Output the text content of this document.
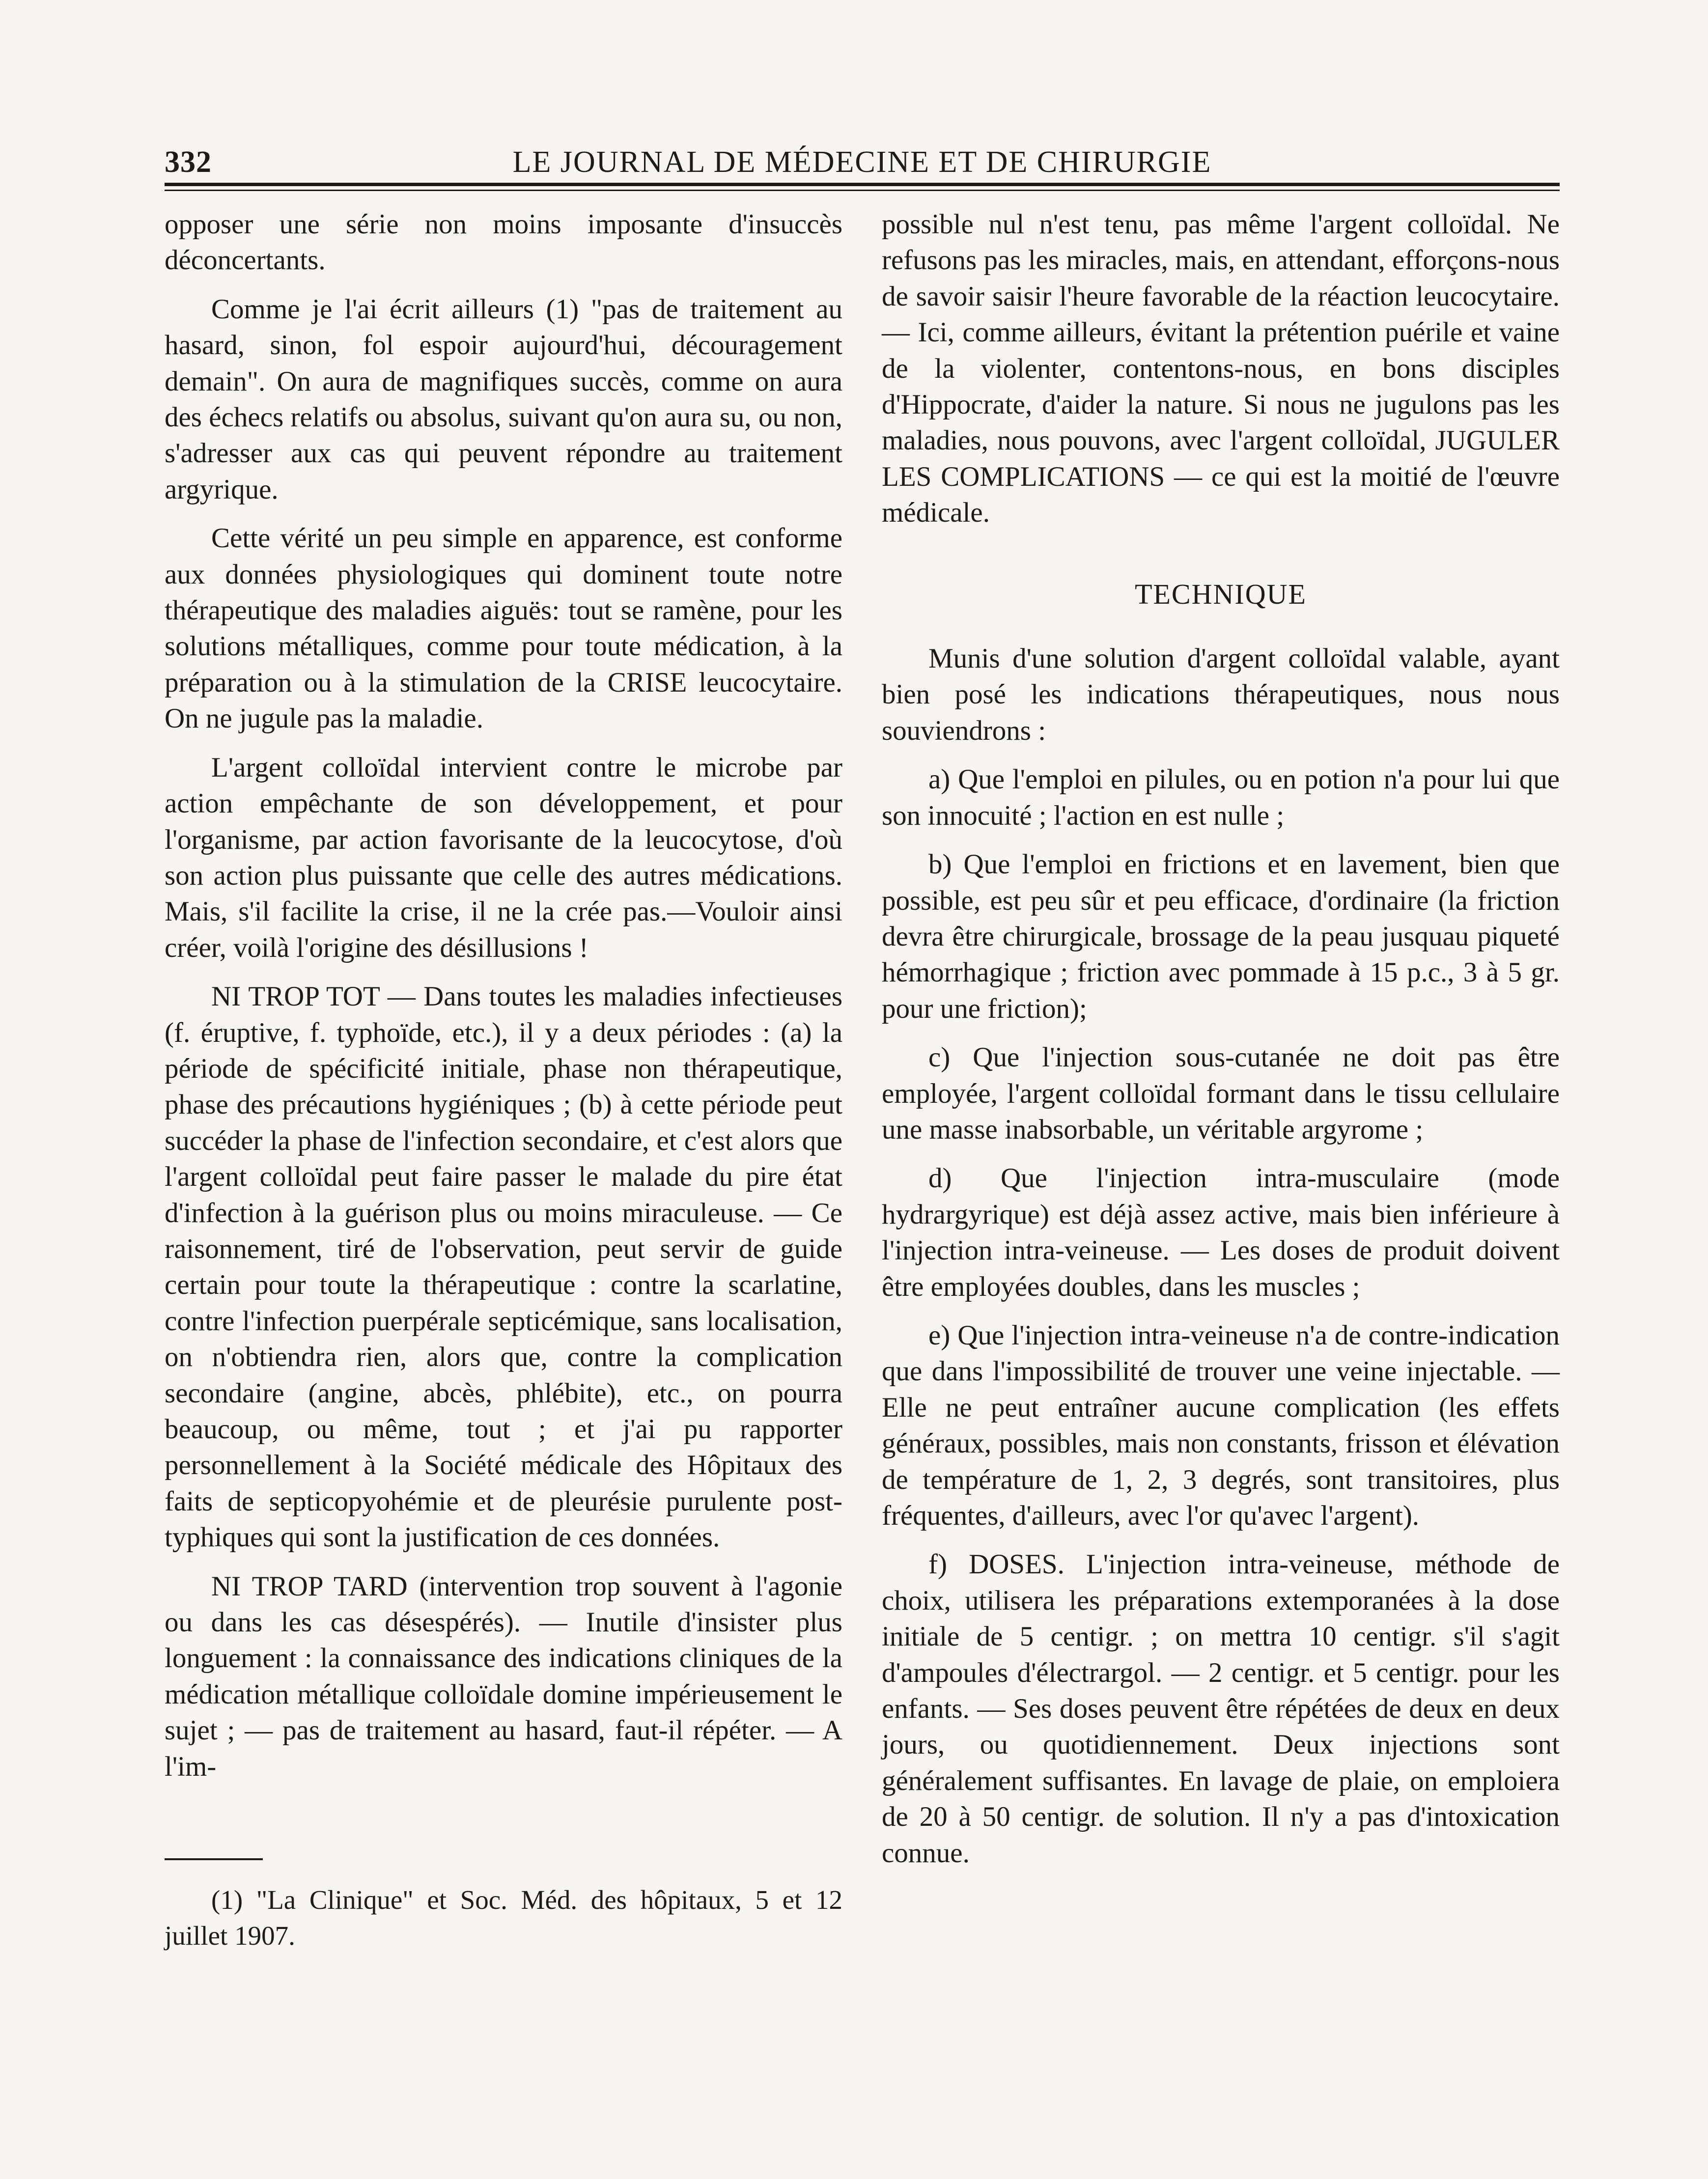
332	LE JOURNAL DE MÉDECINE ET DE CHIRURGIE

opposer une série non moins imposante d'insuccès déconcertants.

Comme je l'ai écrit ailleurs (1) "pas de traitement au hasard, sinon, fol espoir aujourd'hui, découragement demain". On aura de magnifiques succès, comme on aura des échecs relatifs ou absolus, suivant qu'on aura su, ou non, s'adresser aux cas qui peuvent répondre au traitement argyrique.

Cette vérité un peu simple en apparence, est conforme aux données physiologiques qui dominent toute notre thérapeutique des maladies aiguës: tout se ramène, pour les solutions métalliques, comme pour toute médication, à la préparation ou à la stimulation de la CRISE leucocytaire. On ne jugule pas la maladie.

L'argent colloïdal intervient contre le microbe par action empêchante de son développement, et pour l'organisme, par action favorisante de la leucocytose, d'où son action plus puissante que celle des autres médications. Mais, s'il facilite la crise, il ne la crée pas.—Vouloir ainsi créer, voilà l'origine des désillusions !

NI TROP TOT — Dans toutes les maladies infectieuses (f. éruptive, f. typhoïde, etc.), il y a deux périodes : (a) la période de spécificité initiale, phase non thérapeutique, phase des précautions hygiéniques ; (b) à cette période peut succéder la phase de l'infection secondaire, et c'est alors que l'argent colloïdal peut faire passer le malade du pire état d'infection à la guérison plus ou moins miraculeuse. — Ce raisonnement, tiré de l'observation, peut servir de guide certain pour toute la thérapeutique : contre la scarlatine, contre l'infection puerpérale septicémique, sans localisation, on n'obtiendra rien, alors que, contre la complication secondaire (angine, abcès, phlébite), etc., on pourra beaucoup, ou même, tout ; et j'ai pu rapporter personnellement à la Société médicale des Hôpitaux des faits de septicopyohémie et de pleurésie purulente post-typhiques qui sont la justification de ces données.

NI TROP TARD (intervention trop souvent à l'agonie ou dans les cas désespérés). — Inutile d'insister plus longuement : la connaissance des indications cliniques de la médication métallique colloïdale domine impérieusement le sujet ; — pas de traitement au hasard, faut-il répéter. — A l'im-

(1) "La Clinique" et Soc. Méd. des hôpitaux, 5 et 12 juillet 1907.

possible nul n'est tenu, pas même l'argent colloïdal. Ne refusons pas les miracles, mais, en attendant, efforçons-nous de savoir saisir l'heure favorable de la réaction leucocytaire. — Ici, comme ailleurs, évitant la prétention puérile et vaine de la violenter, contentons-nous, en bons disciples d'Hippocrate, d'aider la nature. Si nous ne jugulons pas les maladies, nous pouvons, avec l'argent colloïdal, JUGULER LES COMPLICATIONS — ce qui est la moitié de l'œuvre médicale.

TECHNIQUE

Munis d'une solution d'argent colloïdal valable, ayant bien posé les indications thérapeutiques, nous nous souviendrons :

a) Que l'emploi en pilules, ou en potion n'a pour lui que son innocuité ; l'action en est nulle ;

b) Que l'emploi en frictions et en lavement, bien que possible, est peu sûr et peu efficace, d'ordinaire (la friction devra être chirurgicale, brossage de la peau jusquau piqueté hémorrhagique ; friction avec pommade à 15 p.c., 3 à 5 gr. pour une friction);

c) Que l'injection sous-cutanée ne doit pas être employée, l'argent colloïdal formant dans le tissu cellulaire une masse inabsorbable, un véritable argyrome ;

d) Que l'injection intra-musculaire (mode hydrargyrique) est déjà assez active, mais bien inférieure à l'injection intra-veineuse. — Les doses de produit doivent être employées doubles, dans les muscles ;

e) Que l'injection intra-veineuse n'a de contre-indication que dans l'impossibilité de trouver une veine injectable. — Elle ne peut entraîner aucune complication (les effets généraux, possibles, mais non constants, frisson et élévation de température de 1, 2, 3 degrés, sont transitoires, plus fréquentes, d'ailleurs, avec l'or qu'avec l'argent).

f) DOSES. L'injection intra-veineuse, méthode de choix, utilisera les préparations extemporanées à la dose initiale de 5 centigr. ; on mettra 10 centigr. s'il s'agit d'ampoules d'électrargol. — 2 centigr. et 5 centigr. pour les enfants. — Ses doses peuvent être répétées de deux en deux jours, ou quotidiennement. Deux injections sont généralement suffisantes. En lavage de plaie, on emploiera de 20 à 50 centigr. de solution. Il n'y a pas d'intoxication connue.
